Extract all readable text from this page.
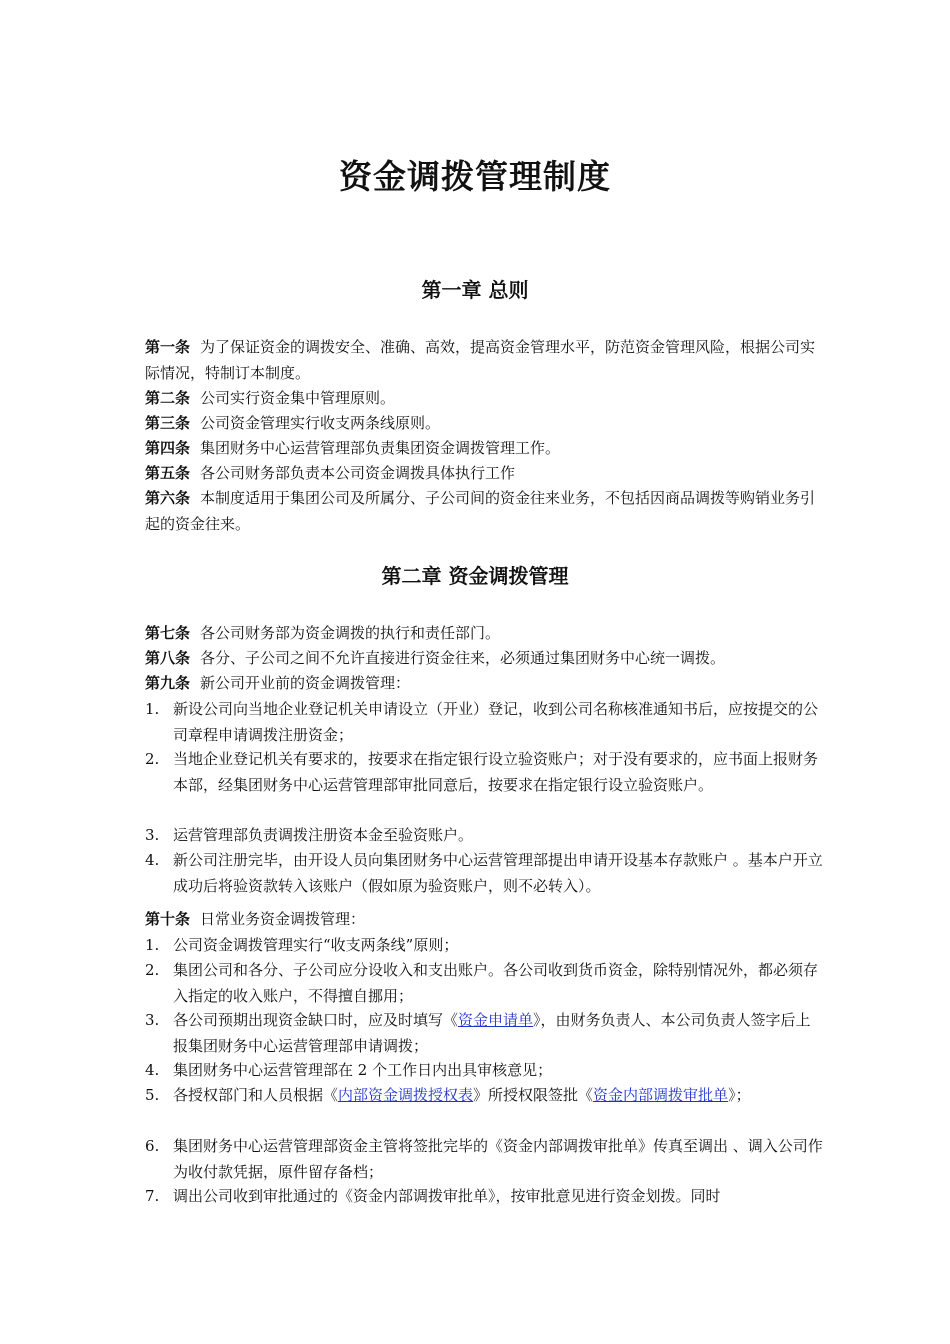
资金调拨管理制度
第一章 总则

第一条 为了保证资金的调拨安全、准确、高效，提高资金管理水平，防范资金管理风险，根据公司实际情况，特制订本制度。

第二条 公司实行资金集中管理原则。

第三条 公司资金管理实行收支两条线原则。

第四条 集团财务中心运营管理部负责集团资金调拨管理工作。

第五条 各公司财务部负责本公司资金调拨具体执行工作

第六条 本制度适用于集团公司及所属分、子公司间的资金往来业务，不包括因商品调拨等购销业务引起的资金往来。

第二章 资金调拨管理

第七条 各公司财务部为资金调拨的执行和责任部门。

第八条 各分、子公司之间不允许直接进行资金往来，必须通过集团财务中心统一调拨。

第九条 新公司开业前的资金调拨管理：

1. 新设公司向当地企业登记机关申请设立（开业）登记，收到公司名称核准通知书后，应按提交的公司章程申请调拨注册资金；
2. 当地企业登记机关有要求的，按要求在指定银行设立验资账户；对于没有要求的，应书面上报财务本部，经集团财务中心运营管理部审批同意后，按要求在指定银行设立验资账户。
3. 运营管理部负责调拨注册资本金至验资账户。
4. 新公司注册完毕，由开设人员向集团财务中心运营管理部提出申请开设基本存款账户 。基本户开立成功后将验资款转入该账户（假如原为验资账户，则不必转入）。

第十条 日常业务资金调拨管理：

1. 公司资金调拨管理实行“收支两条线”原则；
2. 集团公司和各分、子公司应分设收入和支出账户。各公司收到货币资金，除特别情况外，都必须存入指定的收入账户，不得擅自挪用；
3. 各公司预期出现资金缺口时，应及时填写《资金申请单》，由财务负责人、本公司负责人签字后上报集团财务中心运营管理部申请调拨；
4. 集团财务中心运营管理部在 2 个工作日内出具审核意见；
5. 各授权部门和人员根据《内部资金调拨授权表》所授权限签批《资金内部调拨审批单》；
6. 集团财务中心运营管理部资金主管将签批完毕的《资金内部调拨审批单》传真至调出 、调入公司作为收付款凭据，原件留存备档；
7. 调出公司收到审批通过的《资金内部调拨审批单》，按审批意见进行资金划拨。同时
